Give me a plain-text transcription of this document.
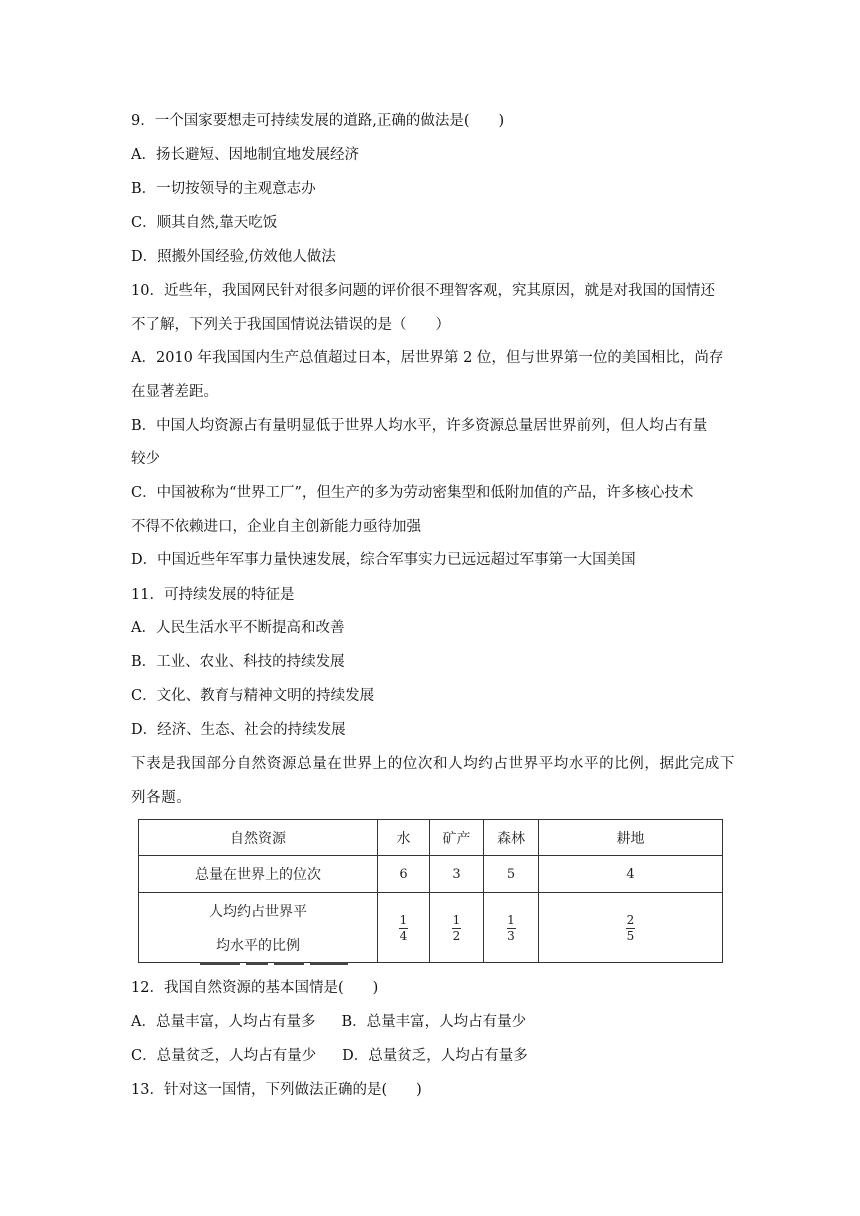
9．一个国家要想走可持续发展的道路,正确的做法是(　　)
A．扬长避短、因地制宜地发展经济
B．一切按领导的主观意志办
C．顺其自然,靠天吃饭
D．照搬外国经验,仿效他人做法
10．近些年，我国网民针对很多问题的评价很不理智客观，究其原因，就是对我国的国情还
不了解，下列关于我国国情说法错误的是（　　）
A．2010 年我国国内生产总值超过日本，居世界第 2 位，但与世界第一位的美国相比，尚存
在显著差距。
B．中国人均资源占有量明显低于世界人均水平，许多资源总量居世界前列，但人均占有量
较少
C．中国被称为“世界工厂”，但生产的多为劳动密集型和低附加值的产品，许多核心技术
不得不依赖进口，企业自主创新能力亟待加强
D．中国近些年军事力量快速发展，综合军事实力已远远超过军事第一大国美国
11．可持续发展的特征是
A．人民生活水平不断提高和改善
B．工业、农业、科技的持续发展
C．文化、教育与精神文明的持续发展
D．经济、生态、社会的持续发展
下表是我国部分自然资源总量在世界上的位次和人均约占世界平均水平的比例，据此完成下
列各题。
自然资源	水	矿产	森林	耕地
总量在世界上的位次	6	3	5	4

人均约占世界平
均水平的比例	$\frac{1}{4}$	$\frac{1}{2}$	$\frac{1}{3}$	$\frac{2}{5}$
12．我国自然资源的基本国情是(　　)
A．总量丰富，人均占有量多 B．总量丰富，人均占有量少
C．总量贫乏，人均占有量少 D．总量贫乏，人均占有量多
13．针对这一国情，下列做法正确的是(　　)
